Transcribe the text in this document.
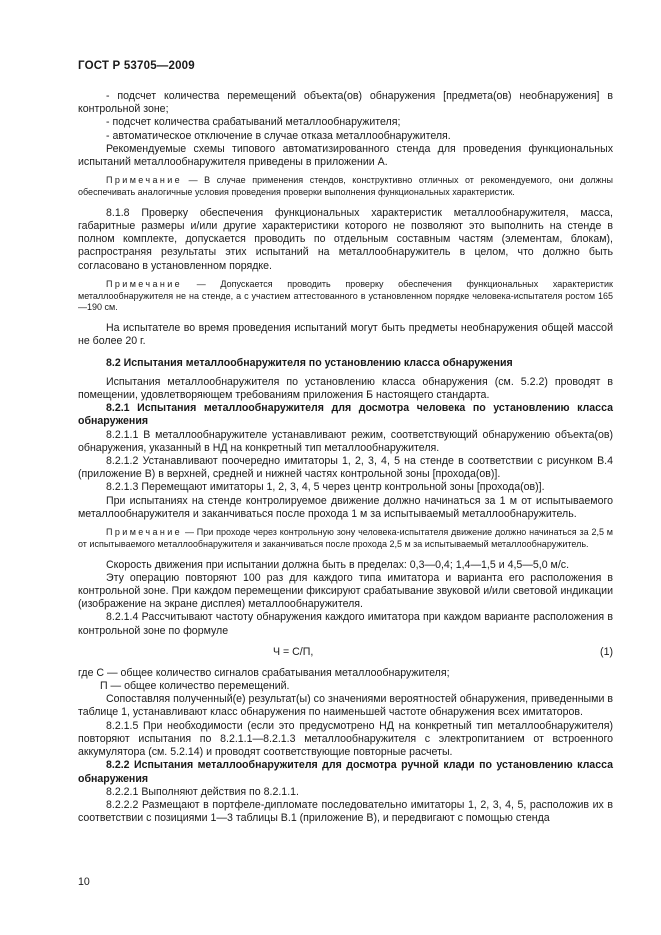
ГОСТ Р 53705—2009

- подсчет количества перемещений объекта(ов) обнаружения [предмета(ов) необнаружения] в контрольной зоне;

- подсчет количества срабатываний металлообнаружителя;

- автоматическое отключение в случае отказа металлообнаружителя.

Рекомендуемые схемы типового автоматизированного стенда для проведения функциональных испытаний металлообнаружителя приведены в приложении А.

Примечание — В случае применения стендов, конструктивно отличных от рекомендуемого, они должны обеспечивать аналогичные условия проведения проверки выполнения функциональных характеристик.

8.1.8 Проверку обеспечения функциональных характеристик металлообнаружителя, масса, габаритные размеры и/или другие характеристики которого не позволяют это выполнить на стенде в полном комплекте, допускается проводить по отдельным составным частям (элементам, блокам), распространяя результаты этих испытаний на металлообнаружитель в целом, что должно быть согласовано в установленном порядке.

Примечание — Допускается проводить проверку обеспечения функциональных характеристик металлообнаружителя не на стенде, а с участием аттестованного в установленном порядке человека-испытателя ростом 165—190 см.

На испытателе во время проведения испытаний могут быть предметы необнаружения общей массой не более 20 г.

8.2 Испытания металлообнаружителя по установлению класса обнаружения

Испытания металлообнаружителя по установлению класса обнаружения (см. 5.2.2) проводят в помещении, удовлетворяющем требованиям приложения Б настоящего стандарта.

8.2.1 Испытания металлообнаружителя для досмотра человека по установлению класса обнаружения

8.2.1.1 В металлообнаружителе устанавливают режим, соответствующий обнаружению объекта(ов) обнаружения, указанный в НД на конкретный тип металлообнаружителя.

8.2.1.2 Устанавливают поочередно имитаторы 1, 2, 3, 4, 5 на стенде в соответствии с рисунком В.4 (приложение В) в верхней, средней и нижней частях контрольной зоны [прохода(ов)].

8.2.1.3 Перемещают имитаторы 1, 2, 3, 4, 5 через центр контрольной зоны [прохода(ов)].

При испытаниях на стенде контролируемое движение должно начинаться за 1 м от испытываемого металлообнаружителя и заканчиваться после прохода 1 м за испытываемый металлообнаружитель.

Примечание — При проходе через контрольную зону человека-испытателя движение должно начинаться за 2,5 м от испытываемого металлообнаружителя и заканчиваться после прохода 2,5 м за испытываемый металлообнаружитель.

Скорость движения при испытании должна быть в пределах: 0,3—0,4; 1,4—1,5 и 4,5—5,0 м/с.

Эту операцию повторяют 100 раз для каждого типа имитатора и варианта его расположения в контрольной зоне. При каждом перемещении фиксируют срабатывание звуковой и/или световой индикации (изображение на экране дисплея) металлообнаружителя.

8.2.1.4 Рассчитывают частоту обнаружения каждого имитатора при каждом варианте расположения в контрольной зоне по формуле

Ч = С/П,	(1)

где С — общее количество сигналов срабатывания металлообнаружителя;

П — общее количество перемещений.

Сопоставляя полученный(е) результат(ы) со значениями вероятностей обнаружения, приведенными в таблице 1, устанавливают класс обнаружения по наименьшей частоте обнаружения всех имитаторов.

8.2.1.5 При необходимости (если это предусмотрено НД на конкретный тип металлообнаружителя) повторяют испытания по 8.2.1.1—8.2.1.3 металлообнаружителя с электропитанием от встроенного аккумулятора (см. 5.2.14) и проводят соответствующие повторные расчеты.

8.2.2 Испытания металлообнаружителя для досмотра ручной клади по установлению класса обнаружения

8.2.2.1 Выполняют действия по 8.2.1.1.

8.2.2.2 Размещают в портфеле-дипломате последовательно имитаторы 1, 2, 3, 4, 5, расположив их в соответствии с позициями 1—3 таблицы В.1 (приложение В), и передвигают с помощью стенда

10
